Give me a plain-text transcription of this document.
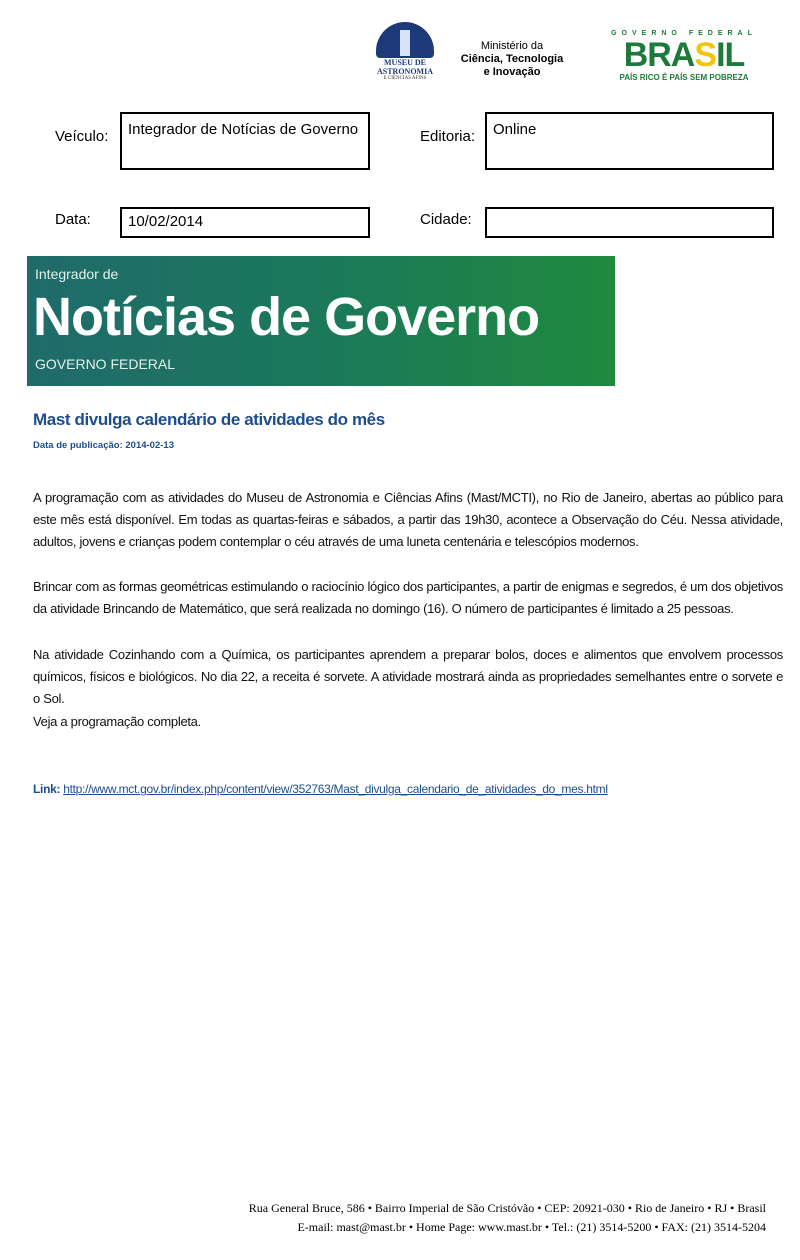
MUSEU DE
ASTRONOMIA
E CIÊNCIAS AFINS
Ministério da
Ciência, Tecnologia
e Inovação
GOVERNO FEDERAL
BRASIL
PAÍS RICO É PAÍS SEM POBREZA
Veículo:	Integrador de Notícias de Governo	Editoria:	Online
Data:	10/02/2014	Cidade:
Integrador de
Notícias de Governo
GOVERNO FEDERAL
Mast divulga calendário de atividades do mês
Data de publicação: 2014-02-13
A programação com as atividades do Museu de Astronomia e Ciências Afins (Mast/MCTI), no Rio de Janeiro, abertas ao público para este mês está disponível. Em todas as quartas-feiras e sábados, a partir das 19h30, acontece a Observação do Céu. Nessa atividade, adultos, jovens e crianças podem contemplar o céu através de uma luneta centenária e telescópios modernos.
Brincar com as formas geométricas estimulando o raciocínio lógico dos participantes, a partir de enigmas e segredos, é um dos objetivos da atividade Brincando de Matemático, que será realizada no domingo (16). O número de participantes é limitado a 25 pessoas.
Na atividade Cozinhando com a Química, os participantes aprendem a preparar bolos, doces e alimentos que envolvem processos químicos, físicos e biológicos. No dia 22, a receita é sorvete. A atividade mostrará ainda as propriedades semelhantes entre o sorvete e o Sol.
Veja a programação completa.
Link: http://www.mct.gov.br/index.php/content/view/352763/Mast_divulga_calendario_de_atividades_do_mes.html
Rua General Bruce, 586 • Bairro Imperial de São Cristóvão • CEP: 20921-030 • Rio de Janeiro • RJ • Brasil
E-mail: mast@mast.br • Home Page: www.mast.br • Tel.: (21) 3514-5200 • FAX: (21) 3514-5204
